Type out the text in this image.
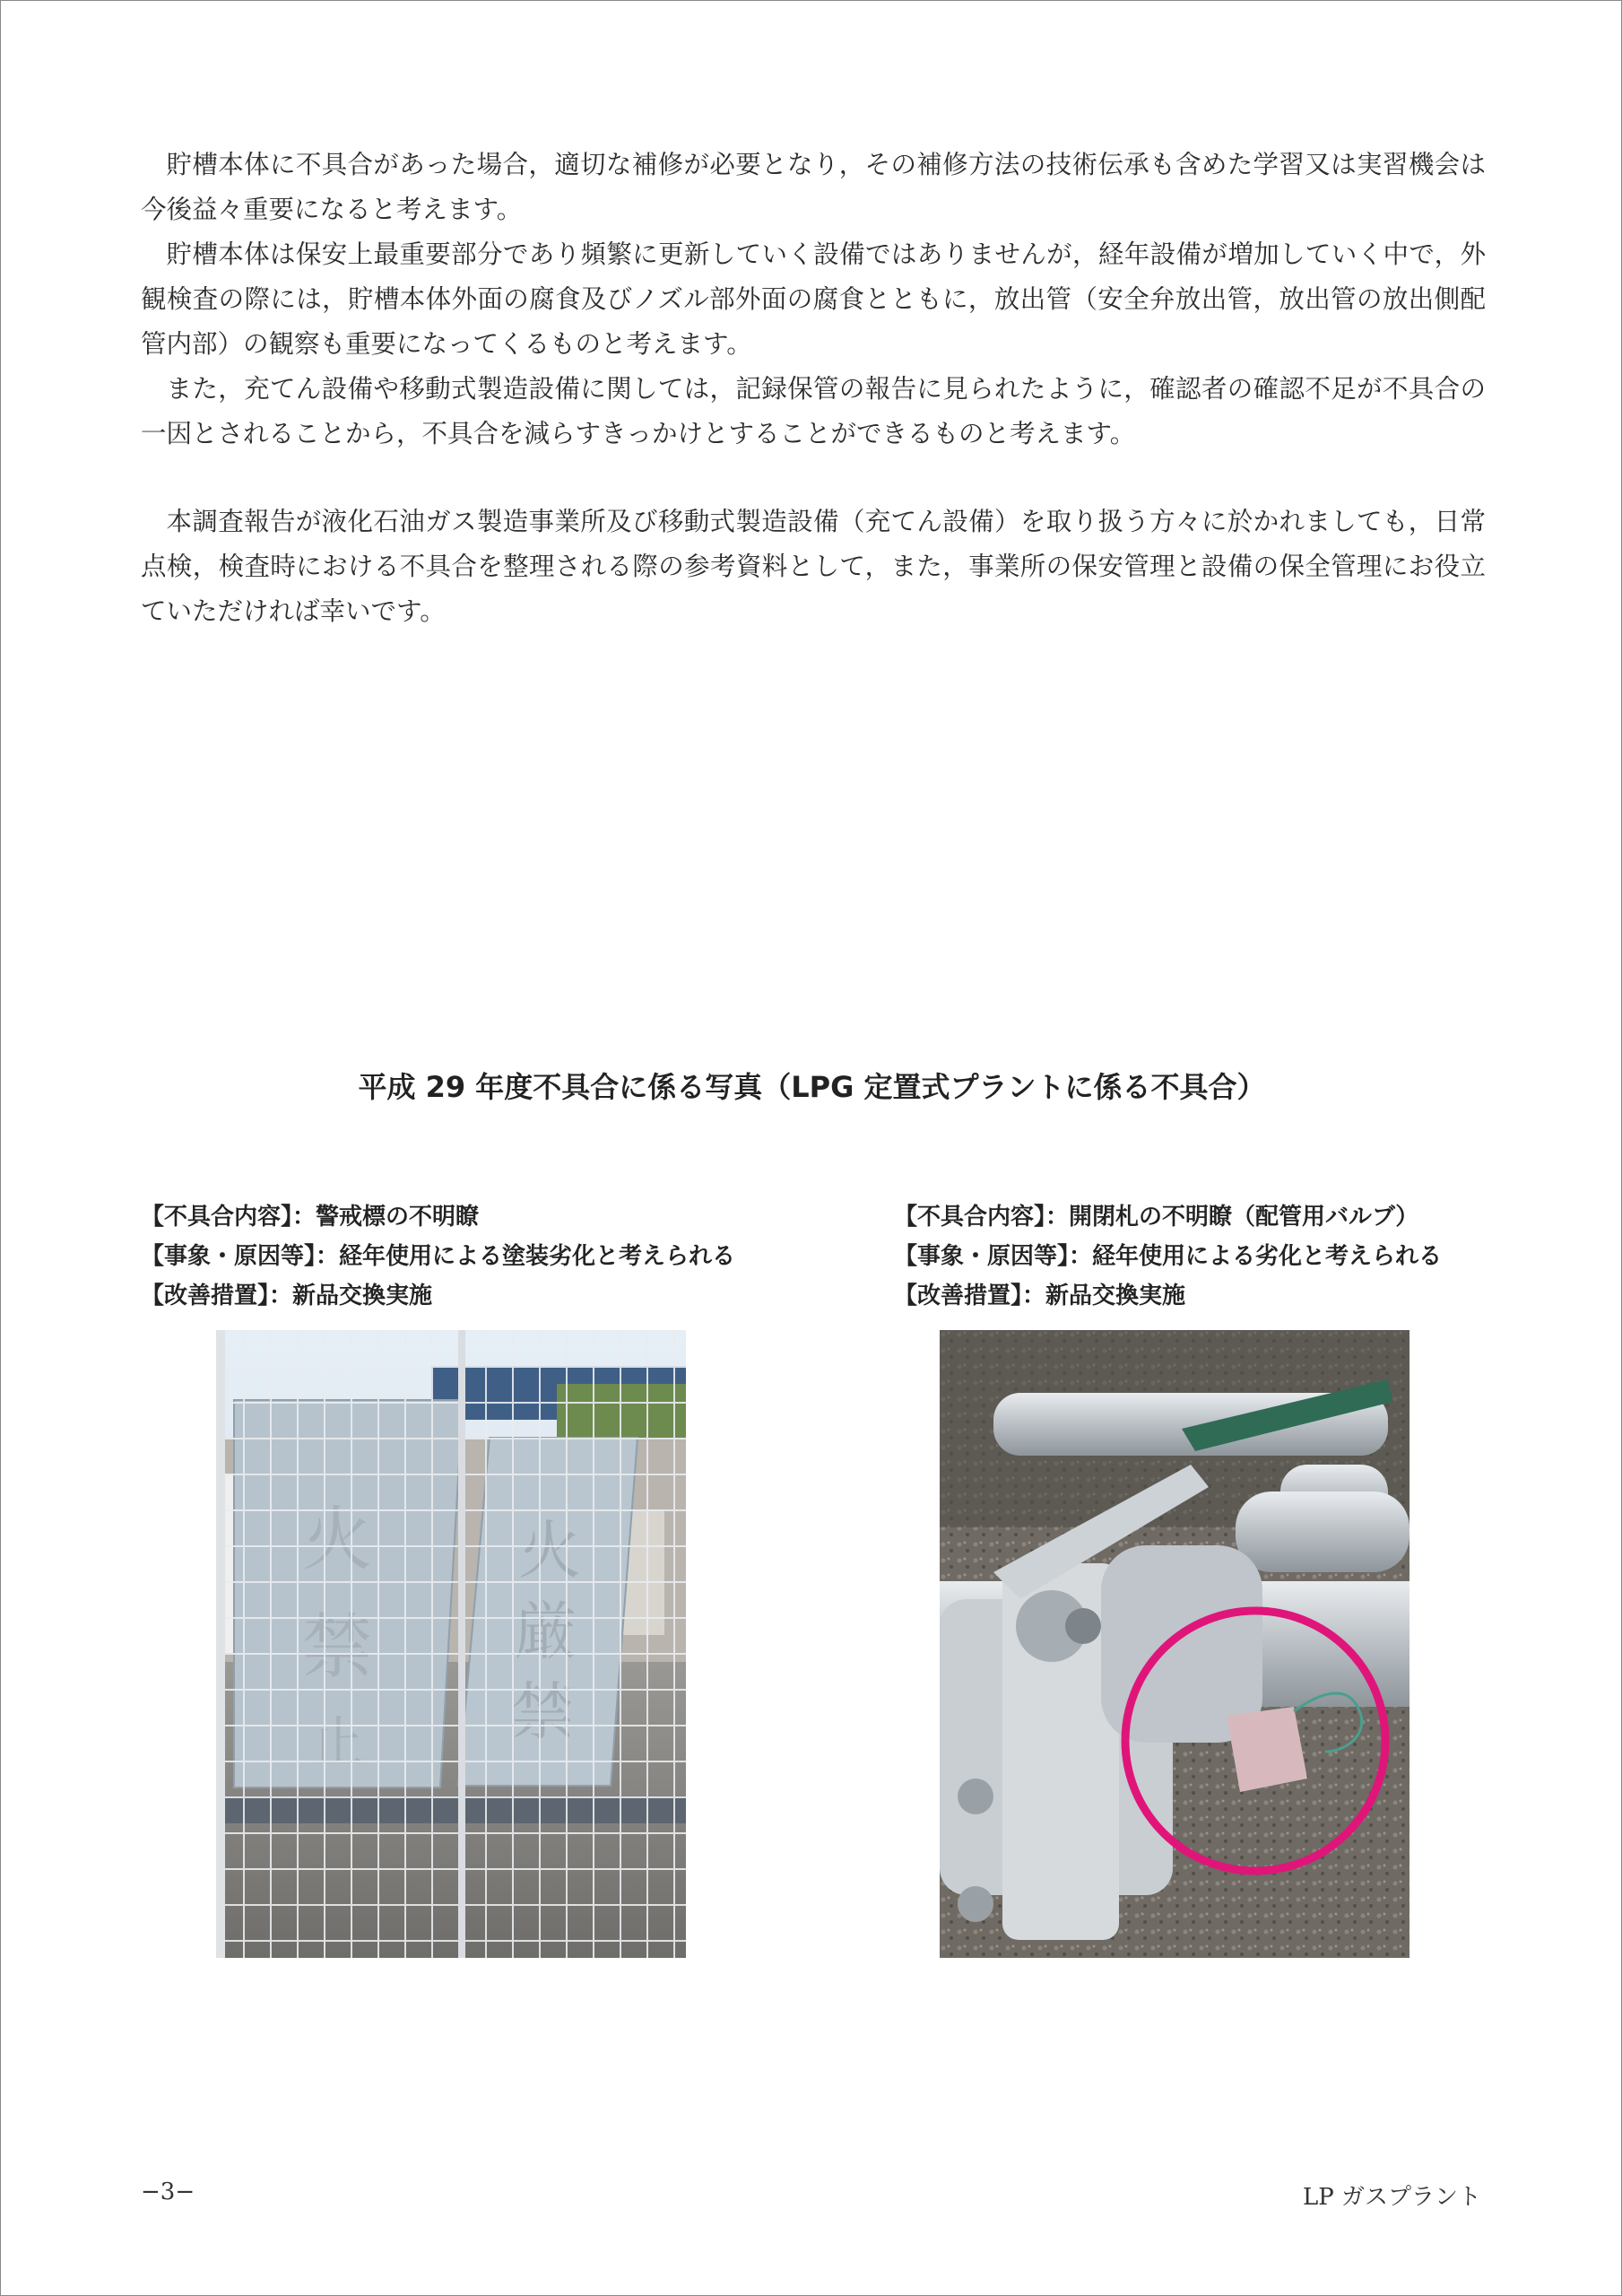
貯槽本体に不具合があった場合，適切な補修が必要となり，その補修方法の技術伝承も含めた学習又は実習機会は今後益々重要になると考えます。

貯槽本体は保安上最重要部分であり頻繁に更新していく設備ではありませんが，経年設備が増加していく中で，外観検査の際には，貯槽本体外面の腐食及びノズル部外面の腐食とともに，放出管（安全弁放出管，放出管の放出側配管内部）の観察も重要になってくるものと考えます。

また，充てん設備や移動式製造設備に関しては，記録保管の報告に見られたように，確認者の確認不足が不具合の一因とされることから，不具合を減らすきっかけとすることができるものと考えます。

本調査報告が液化石油ガス製造事業所及び移動式製造設備（充てん設備）を取り扱う方々に於かれましても，日常点検，検査時における不具合を整理される際の参考資料として，また，事業所の保安管理と設備の保全管理にお役立ていただければ幸いです。

平成 29 年度不具合に係る写真（LPG 定置式プラントに係る不具合）
【不具合内容】：警戒標の不明瞭
【事象・原因等】：経年使用による塗装劣化と考えられる
【改善措置】：新品交換実施
【不具合内容】：開閉札の不明瞭（配管用バルブ）
【事象・原因等】：経年使用による劣化と考えられる
【改善措置】：新品交換実施
−3−	LP ガスプラント
